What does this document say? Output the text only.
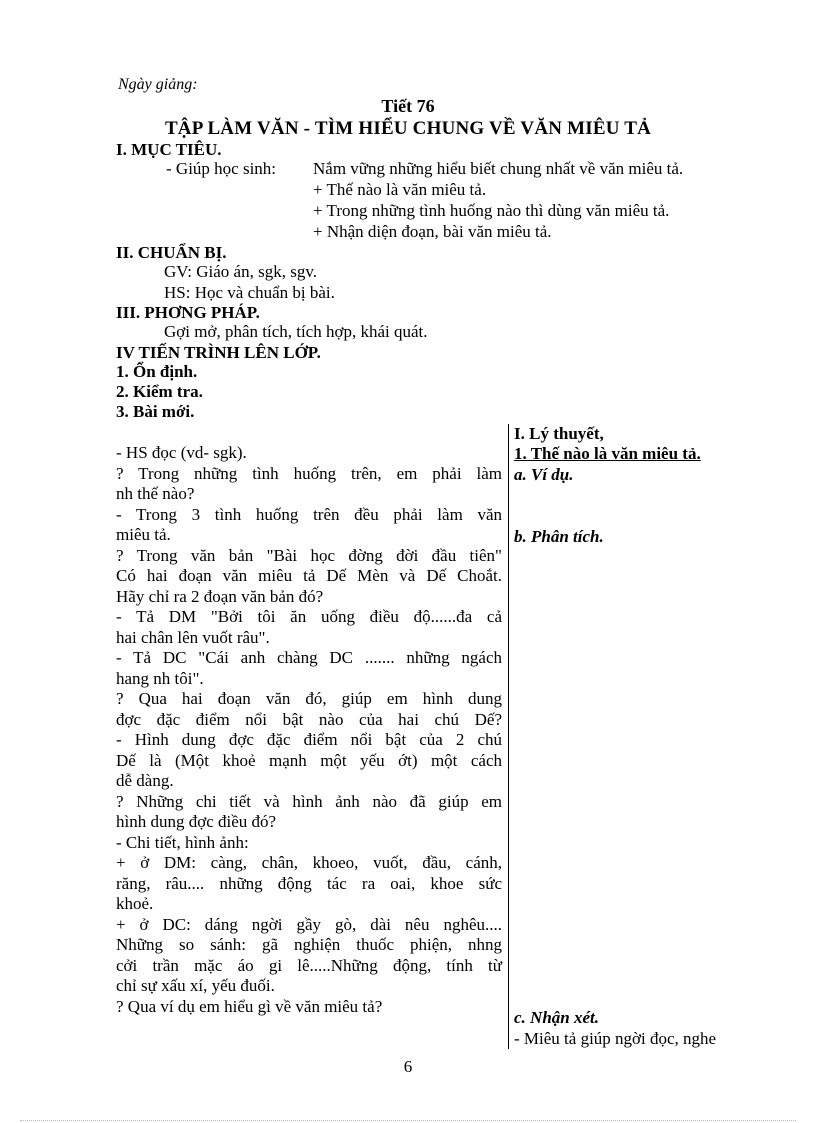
Ngày giảng:
Tiết 76
TẬP LÀM VĂN - TÌM HIỂU CHUNG VỀ VĂN MIÊU TẢ
I. MỤC TIÊU.
- Giúp học sinh: Nắm vững những hiểu biết chung nhất về văn miêu tả.
+ Thế nào là văn miêu tả.
+ Trong những tình huống nào thì dùng văn miêu tả.
+ Nhận diện đoạn, bài văn miêu tả.
II. CHUẨN BỊ.
GV: Giáo án, sgk, sgv.
HS: Học và chuẩn bị bài.
III. PHƠNG PHÁP.
Gợi mở, phân tích, tích hợp, khái quát.
IV TIẾN TRÌNH LÊN LỚP.
1. Ổn định.
2. Kiểm tra.
3. Bài mới.
- HS đọc (vd- sgk).
? Trong những tình huống trên, em phải làm
nh thế nào?
- Trong 3 tình huống trên đều phải làm văn
miêu tả.
? Trong văn bản "Bài học đờng đời đầu tiên"
Có hai đoạn văn miêu tả Dế Mèn và Dế Choắt.
Hãy chỉ ra 2 đoạn văn bản đó?
- Tả DM "Bởi tôi ăn uống điều độ......đa cả
hai chân lên vuốt râu".
- Tả DC "Cái anh chàng DC ....... những ngách
hang nh tôi".
? Qua hai đoạn văn đó, giúp em hình dung
đợc đặc điểm nổi bật nào của hai chú Dế?
- Hình dung đợc đặc điểm nổi bật của 2 chú
Dế là (Một khoẻ mạnh một yếu ớt) một cách
dễ dàng.
? Những chi tiết và hình ảnh nào đã giúp em
hình dung đợc điều đó?
- Chi tiết, hình ảnh:
+ ở DM: càng, chân, khoeo, vuốt, đầu, cánh,
răng, râu.... những động tác ra oai, khoe sức
khoẻ.
+ ở DC: dáng ngời gầy gò, dài nêu nghêu....
Những so sánh: gã nghiện thuốc phiện, nhng
cởi trần mặc áo gi lê.....Những động, tính từ
chỉ sự xấu xí, yếu đuối.
? Qua ví dụ em hiểu gì về văn miêu tả?
I. Lý thuyết,
1. Thế nào là văn miêu tả.
a. Ví dụ.
b. Phân tích.
c. Nhận xét.
- Miêu tả giúp ngời đọc, nghe
6
